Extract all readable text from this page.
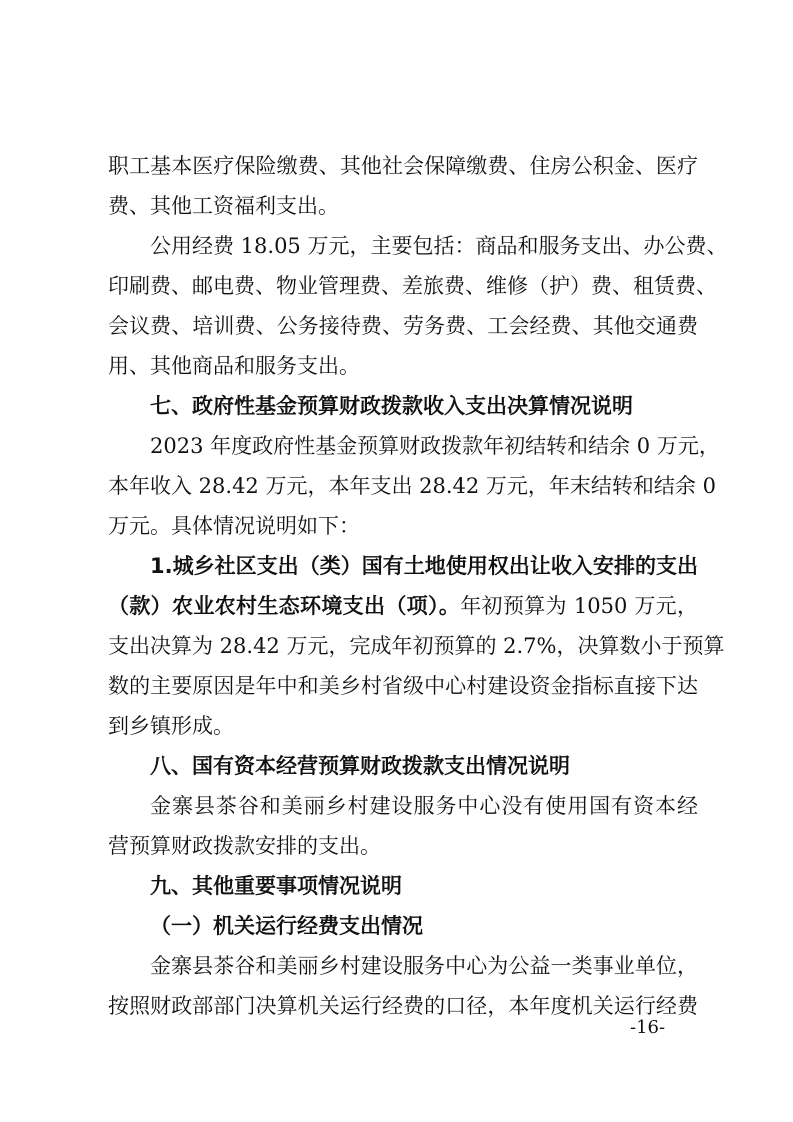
职工基本医疗保险缴费、其他社会保障缴费、住房公积金、医疗
费、其他工资福利支出。
公用经费 18.05 万元，主要包括：商品和服务支出、办公费、
印刷费、邮电费、物业管理费、差旅费、维修（护）费、租赁费、
会议费、培训费、公务接待费、劳务费、工会经费、其他交通费
用、其他商品和服务支出。
七、政府性基金预算财政拨款收入支出决算情况说明
2023 年度政府性基金预算财政拨款年初结转和结余 0 万元，
本年收入 28.42 万元，本年支出 28.42 万元，年末结转和结余 0
万元。具体情况说明如下：
1.城乡社区支出（类）国有土地使用权出让收入安排的支出
（款）农业农村生态环境支出（项）。年初预算为 1050 万元，
支出决算为 28.42 万元，完成年初预算的 2.7%，决算数小于预算
数的主要原因是年中和美乡村省级中心村建设资金指标直接下达
到乡镇形成。
八、国有资本经营预算财政拨款支出情况说明
金寨县茶谷和美丽乡村建设服务中心没有使用国有资本经
营预算财政拨款安排的支出。
九、其他重要事项情况说明
（一）机关运行经费支出情况
金寨县茶谷和美丽乡村建设服务中心为公益一类事业单位，
按照财政部部门决算机关运行经费的口径，本年度机关运行经费
-16-
